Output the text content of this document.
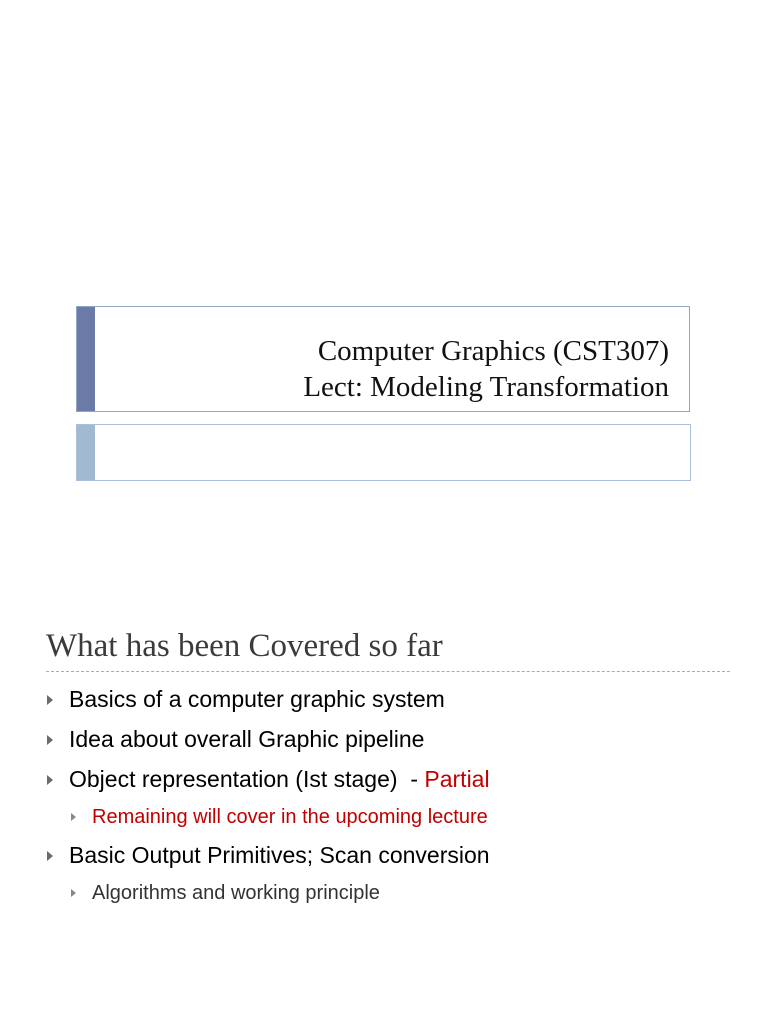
Computer Graphics (CST307)
Lect: Modeling Transformation
What has been Covered so far
Basics of a computer graphic system
Idea about overall Graphic pipeline
Object representation (Ist stage)  - Partial
Remaining will cover in the upcoming lecture
Basic Output Primitives; Scan conversion
Algorithms and working principle
